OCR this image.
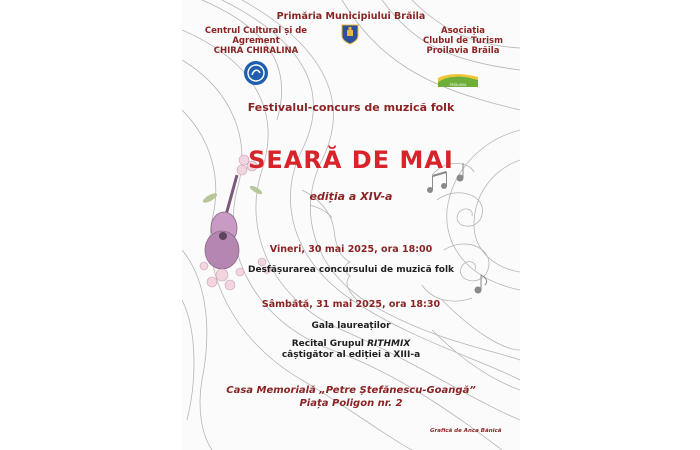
Primăria Municipiului Brăila
Centrul Cultural și de
Agrement
CHIRA CHIRALINA
Asociația
Clubul de Turism
Proilavia Brăila
PROILAVIA
Festivalul-concurs de muzică folk
SEARĂ DE MAI
ediția a XIV-a
Vineri, 30 mai 2025, ora 18:00
Desfășurarea concursului de muzică folk
Sâmbătă, 31 mai 2025, ora 18:30
Gala laureaților
Recital Grupul RITHMIX
câștigător al ediției a XIII-a
Casa Memorială „Petre Ștefănescu-Goangă”
Piața Poligon nr. 2
Grafică de Anca Bănică
